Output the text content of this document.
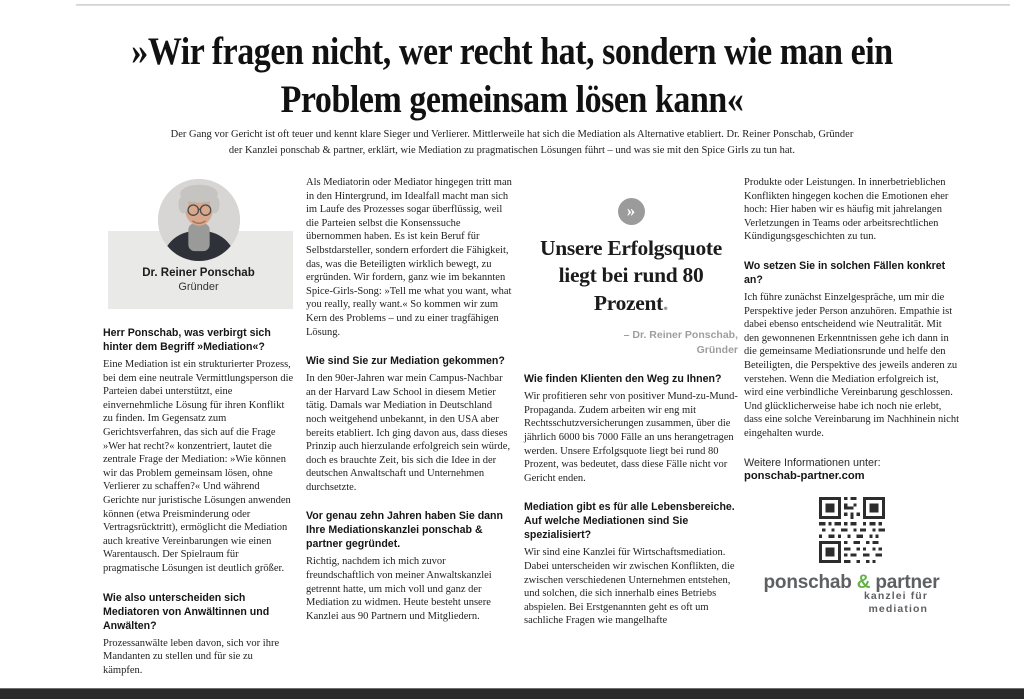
»Wir fragen nicht, wer recht hat, sondern wie man ein Problem gemeinsam lösen kann«

Der Gang vor Gericht ist oft teuer und kennt klare Sieger und Verlierer. Mittlerweile hat sich die Mediation als Alternative etabliert. Dr. Reiner Ponschab, Gründer der Kanzlei ponschab & partner, erklärt, wie Mediation zu pragmatischen Lösungen führt – und was sie mit den Spice Girls zu tun hat.

Dr. Reiner Ponschab
Gründer

Herr Ponschab, was verbirgt sich hinter dem Begriff »Mediation«?

Eine Mediation ist ein strukturierter Prozess, bei dem eine neutrale Vermittlungsperson die Parteien dabei unterstützt, eine einvernehmliche Lösung für ihren Konflikt zu finden. Im Gegensatz zum Gerichtsverfahren, das sich auf die Frage »Wer hat recht?« konzentriert, lautet die zentrale Frage der Mediation: »Wie können wir das Problem gemeinsam lösen, ohne Verlierer zu schaffen?« Und während Gerichte nur juristische Lösungen anwenden können (etwa Preisminderung oder Vertragsrücktritt), ermöglicht die Mediation auch kreative Vereinbarungen wie einen Warentausch. Der Spielraum für pragmatische Lösungen ist deutlich größer.

Wie also unterscheiden sich Mediatoren von Anwältinnen und Anwälten?

Prozessanwälte leben davon, sich vor ihre Mandanten zu stellen und für sie zu kämpfen.

Als Mediatorin oder Mediator hingegen tritt man in den Hintergrund, im Idealfall macht man sich im Laufe des Prozesses sogar überflüssig, weil die Parteien selbst die Konsenssuche übernommen haben. Es ist kein Beruf für Selbstdarsteller, sondern erfordert die Fähigkeit, das, was die Beteiligten wirklich bewegt, zu ergründen. Wir fordern, ganz wie im bekannten Spice-Girls-Song: »Tell me what you want, what you really, really want.« So kommen wir zum Kern des Problems – und zu einer tragfähigen Lösung.

Wie sind Sie zur Mediation gekommen?

In den 90er-Jahren war mein Campus-Nachbar an der Harvard Law School in diesem Metier tätig. Damals war Mediation in Deutschland noch weitgehend unbekannt, in den USA aber bereits etabliert. Ich ging davon aus, dass dieses Prinzip auch hierzulande erfolgreich sein würde, doch es brauchte Zeit, bis sich die Idee in der deutschen Anwaltschaft und Unternehmen durchsetzte.

Vor genau zehn Jahren haben Sie dann Ihre Mediationskanzlei ponschab & partner gegründet.

Richtig, nachdem ich mich zuvor freundschaftlich von meiner Anwaltskanzlei getrennt hatte, um mich voll und ganz der Mediation zu widmen. Heute besteht unsere Kanzlei aus 90 Partnern und Mitgliedern.

»
Unsere Erfolgsquote liegt bei rund 80 Prozent.
– Dr. Reiner Ponschab,
Gründer

Wie finden Klienten den Weg zu Ihnen?

Wir profitieren sehr von positiver Mund-zu-Mund-Propaganda. Zudem arbeiten wir eng mit Rechtsschutzversicherungen zusammen, über die jährlich 6000 bis 7000 Fälle an uns herangetragen werden. Unsere Erfolgsquote liegt bei rund 80 Prozent, was bedeutet, dass diese Fälle nicht vor Gericht enden.

Mediation gibt es für alle Lebensbereiche. Auf welche Mediationen sind Sie spezialisiert?

Wir sind eine Kanzlei für Wirtschaftsmediation. Dabei unterscheiden wir zwischen Konflikten, die zwischen verschiedenen Unternehmen entstehen, und solchen, die sich innerhalb eines Betriebs abspielen. Bei Erstgenannten geht es oft um sachliche Fragen wie mangelhafte

Produkte oder Leistungen. In innerbetrieblichen Konflikten hingegen kochen die Emotionen eher hoch: Hier haben wir es häufig mit jahrelangen Verletzungen in Teams oder arbeitsrechtlichen Kündigungsgeschichten zu tun.

Wo setzen Sie in solchen Fällen konkret an?

Ich führe zunächst Einzelgespräche, um mir die Perspektive jeder Person anzuhören. Empathie ist dabei ebenso entscheidend wie Neutralität. Mit den gewonnenen Erkenntnissen gehe ich dann in die gemeinsame Mediationsrunde und helfe den Beteiligten, die Perspektive des jeweils anderen zu verstehen. Wenn die Mediation erfolgreich ist, wird eine verbindliche Vereinbarung geschlossen. Und glücklicherweise habe ich noch nie erlebt, dass eine solche Vereinbarung im Nachhinein nicht eingehalten wurde.

Weitere Informationen unter:

ponschab-partner.com
ponschab & partner
kanzlei für
mediation
